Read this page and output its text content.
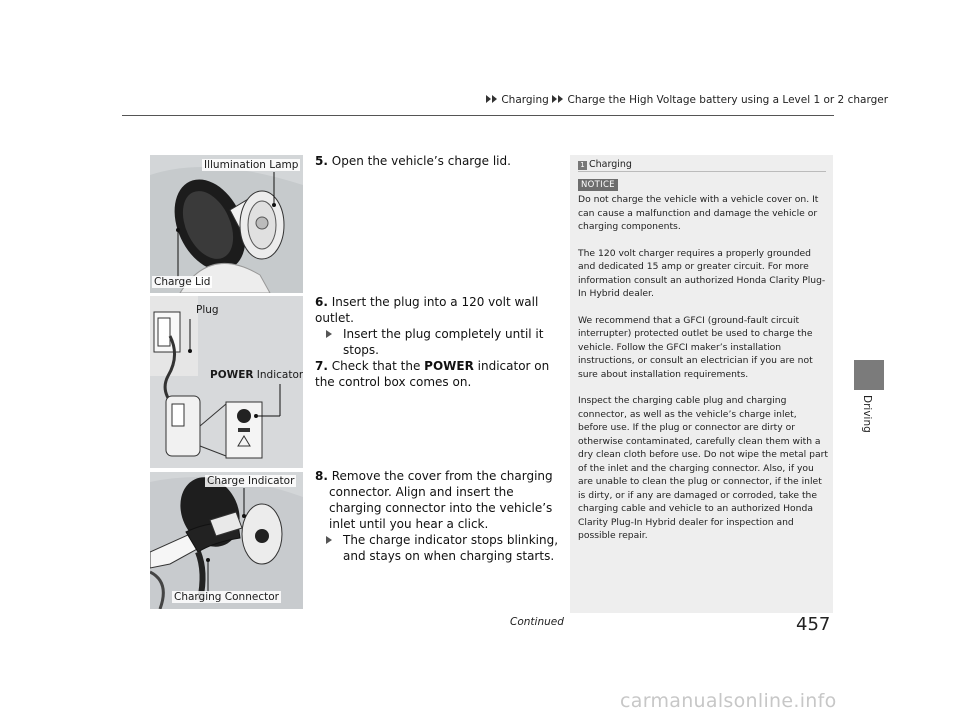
Charging Charge the High Voltage battery using a Level 1 or 2 charger
Illumination Lamp
Charge Lid
Plug
POWER Indicator
Charge Indicator
Charging Connector
5. Open the vehicle’s charge lid.
6. Insert the plug into a 120 volt wall outlet.
Insert the plug completely until it stops.
7. Check that the POWER indicator on the control box comes on.
8. Remove the cover from the charging connector. Align and insert the charging connector into the vehicle’s inlet until you hear a click.
The charge indicator stops blinking, and stays on when charging starts.
1 Charging
NOTICE

Do not charge the vehicle with a vehicle cover on. It can cause a malfunction and damage the vehicle or charging components.

The 120 volt charger requires a properly grounded and dedicated 15 amp or greater circuit. For more information consult an authorized Honda Clarity Plug-In Hybrid dealer.

We recommend that a GFCI (ground-fault circuit interrupter) protected outlet be used to charge the vehicle. Follow the GFCI maker’s installation instructions, or consult an electrician if you are not sure about installation requirements.

Inspect the charging cable plug and charging connector, as well as the vehicle’s charge inlet, before use. If the plug or connector are dirty or otherwise contaminated, carefully clean them with a dry clean cloth before use. Do not wipe the metal part of the inlet and the charging connector. Also, if you are unable to clean the plug or connector, if the inlet is dirty, or if any are damaged or corroded, take the charging cable and vehicle to an authorized Honda Clarity Plug-In Hybrid dealer for inspection and possible repair.

Driving
Continued	457
carmanualsonline.info
